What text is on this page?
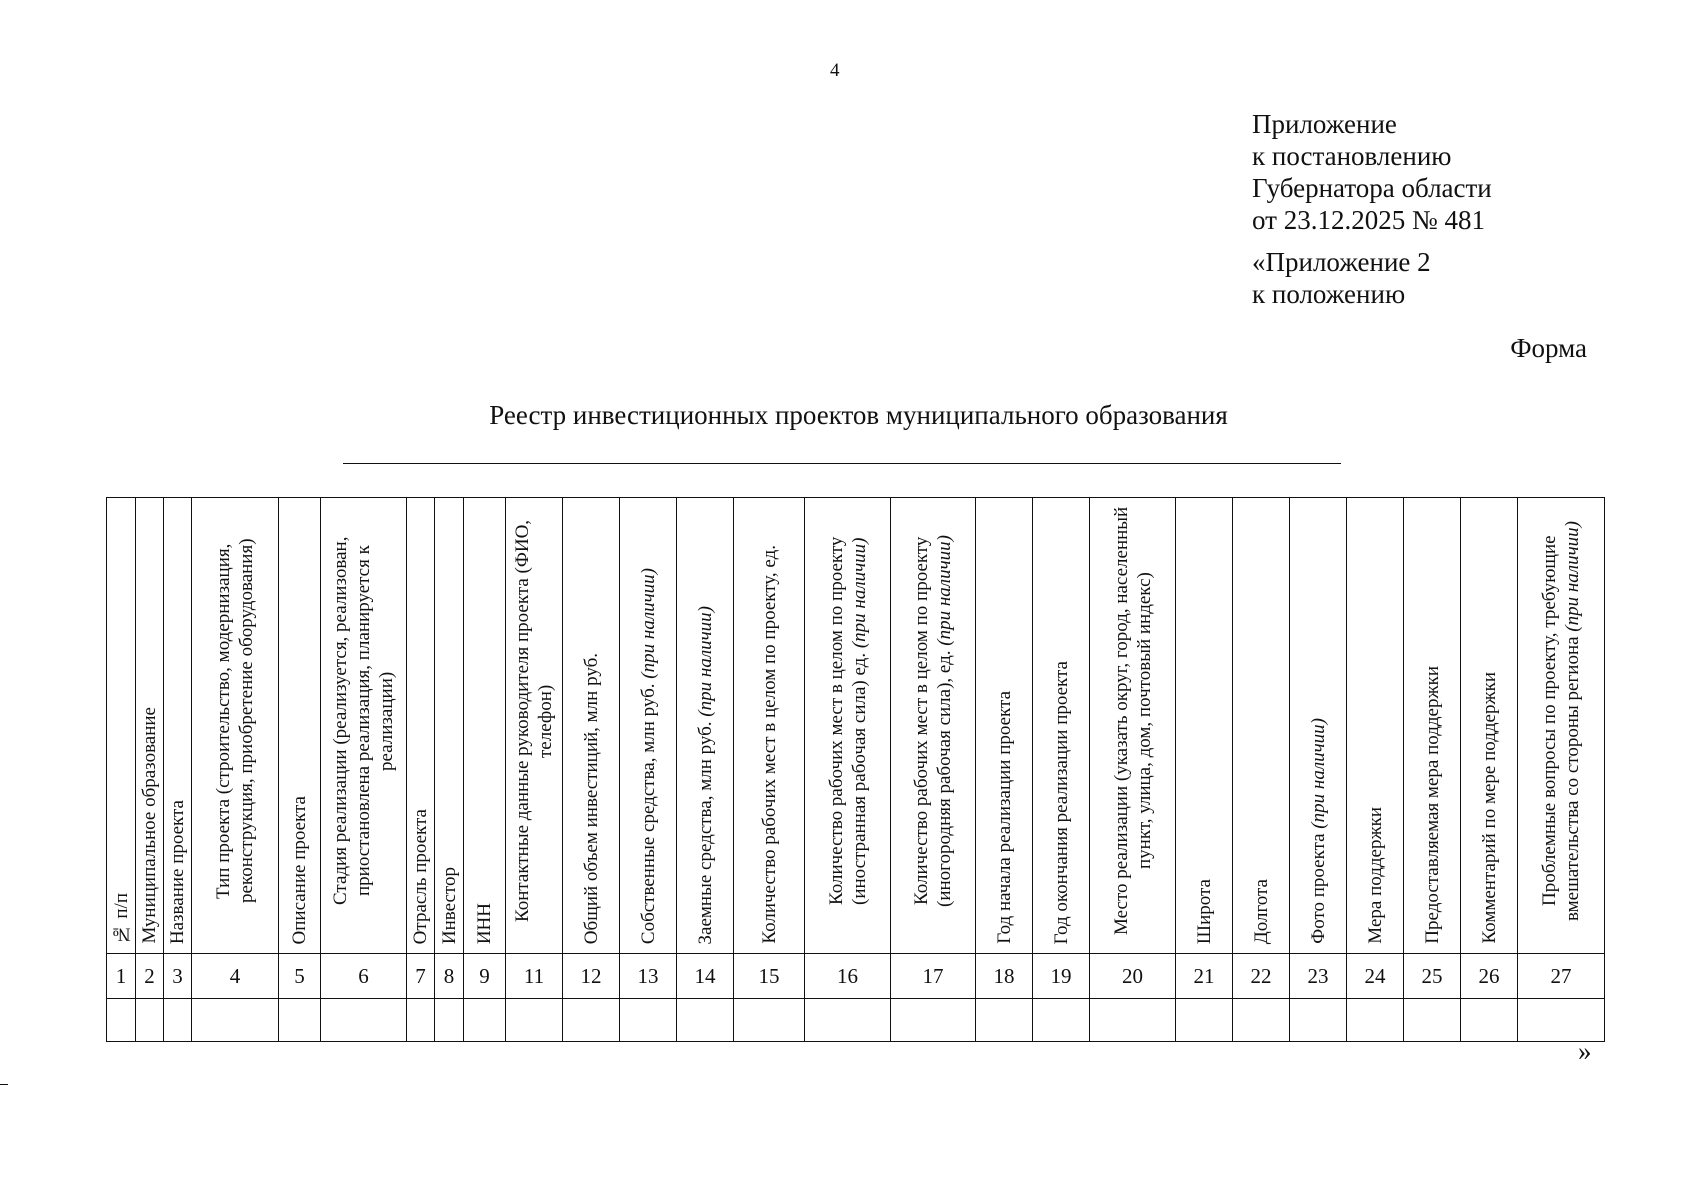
4
Приложение
к постановлению
Губернатора области
от 23.12.2025 № 481
«Приложение 2
к положению
Форма
Реестр инвестиционных проектов муниципального образования
№ п/п	Муниципальное образование	Название проекта	Тип проекта (строительство, модернизация, реконструкция, приобретение оборудования)	Описание проекта	Стадия реализации (реализуется, реализован, приостановлена реализация, планируется к реализации)	Отрасль проекта	Инвестор	ИНН	Контактные данные руководителя проекта (ФИО, телефон)	Общий объем инвестиций, млн руб.	Собственные средства, млн руб. (при наличии)	Заемные средства, млн руб. (при наличии)	Количество рабочих мест в целом по проекту, ед.	Количество рабочих мест в целом по проекту (иностранная рабочая сила) ед. (при наличии)	Количество рабочих мест в целом по проекту (иногородняя рабочая сила), ед. (при наличии)	Год начала реализации проекта	Год окончания реализации проекта	Место реализации (указать округ, город, населенный пункт, улица, дом, почтовый индекс)	Широта	Долгота	Фото проекта (при наличии)	Мера поддержки	Предоставляемая мера поддержки	Комментарий по мере поддержки	Проблемные вопросы по проекту, требующие вмешательства со стороны региона (при наличии)
1	2	3	4	5	6	7	8	9	11	12	13	14	15	16	17	18	19	20	21	22	23	24	25	26	27

»
